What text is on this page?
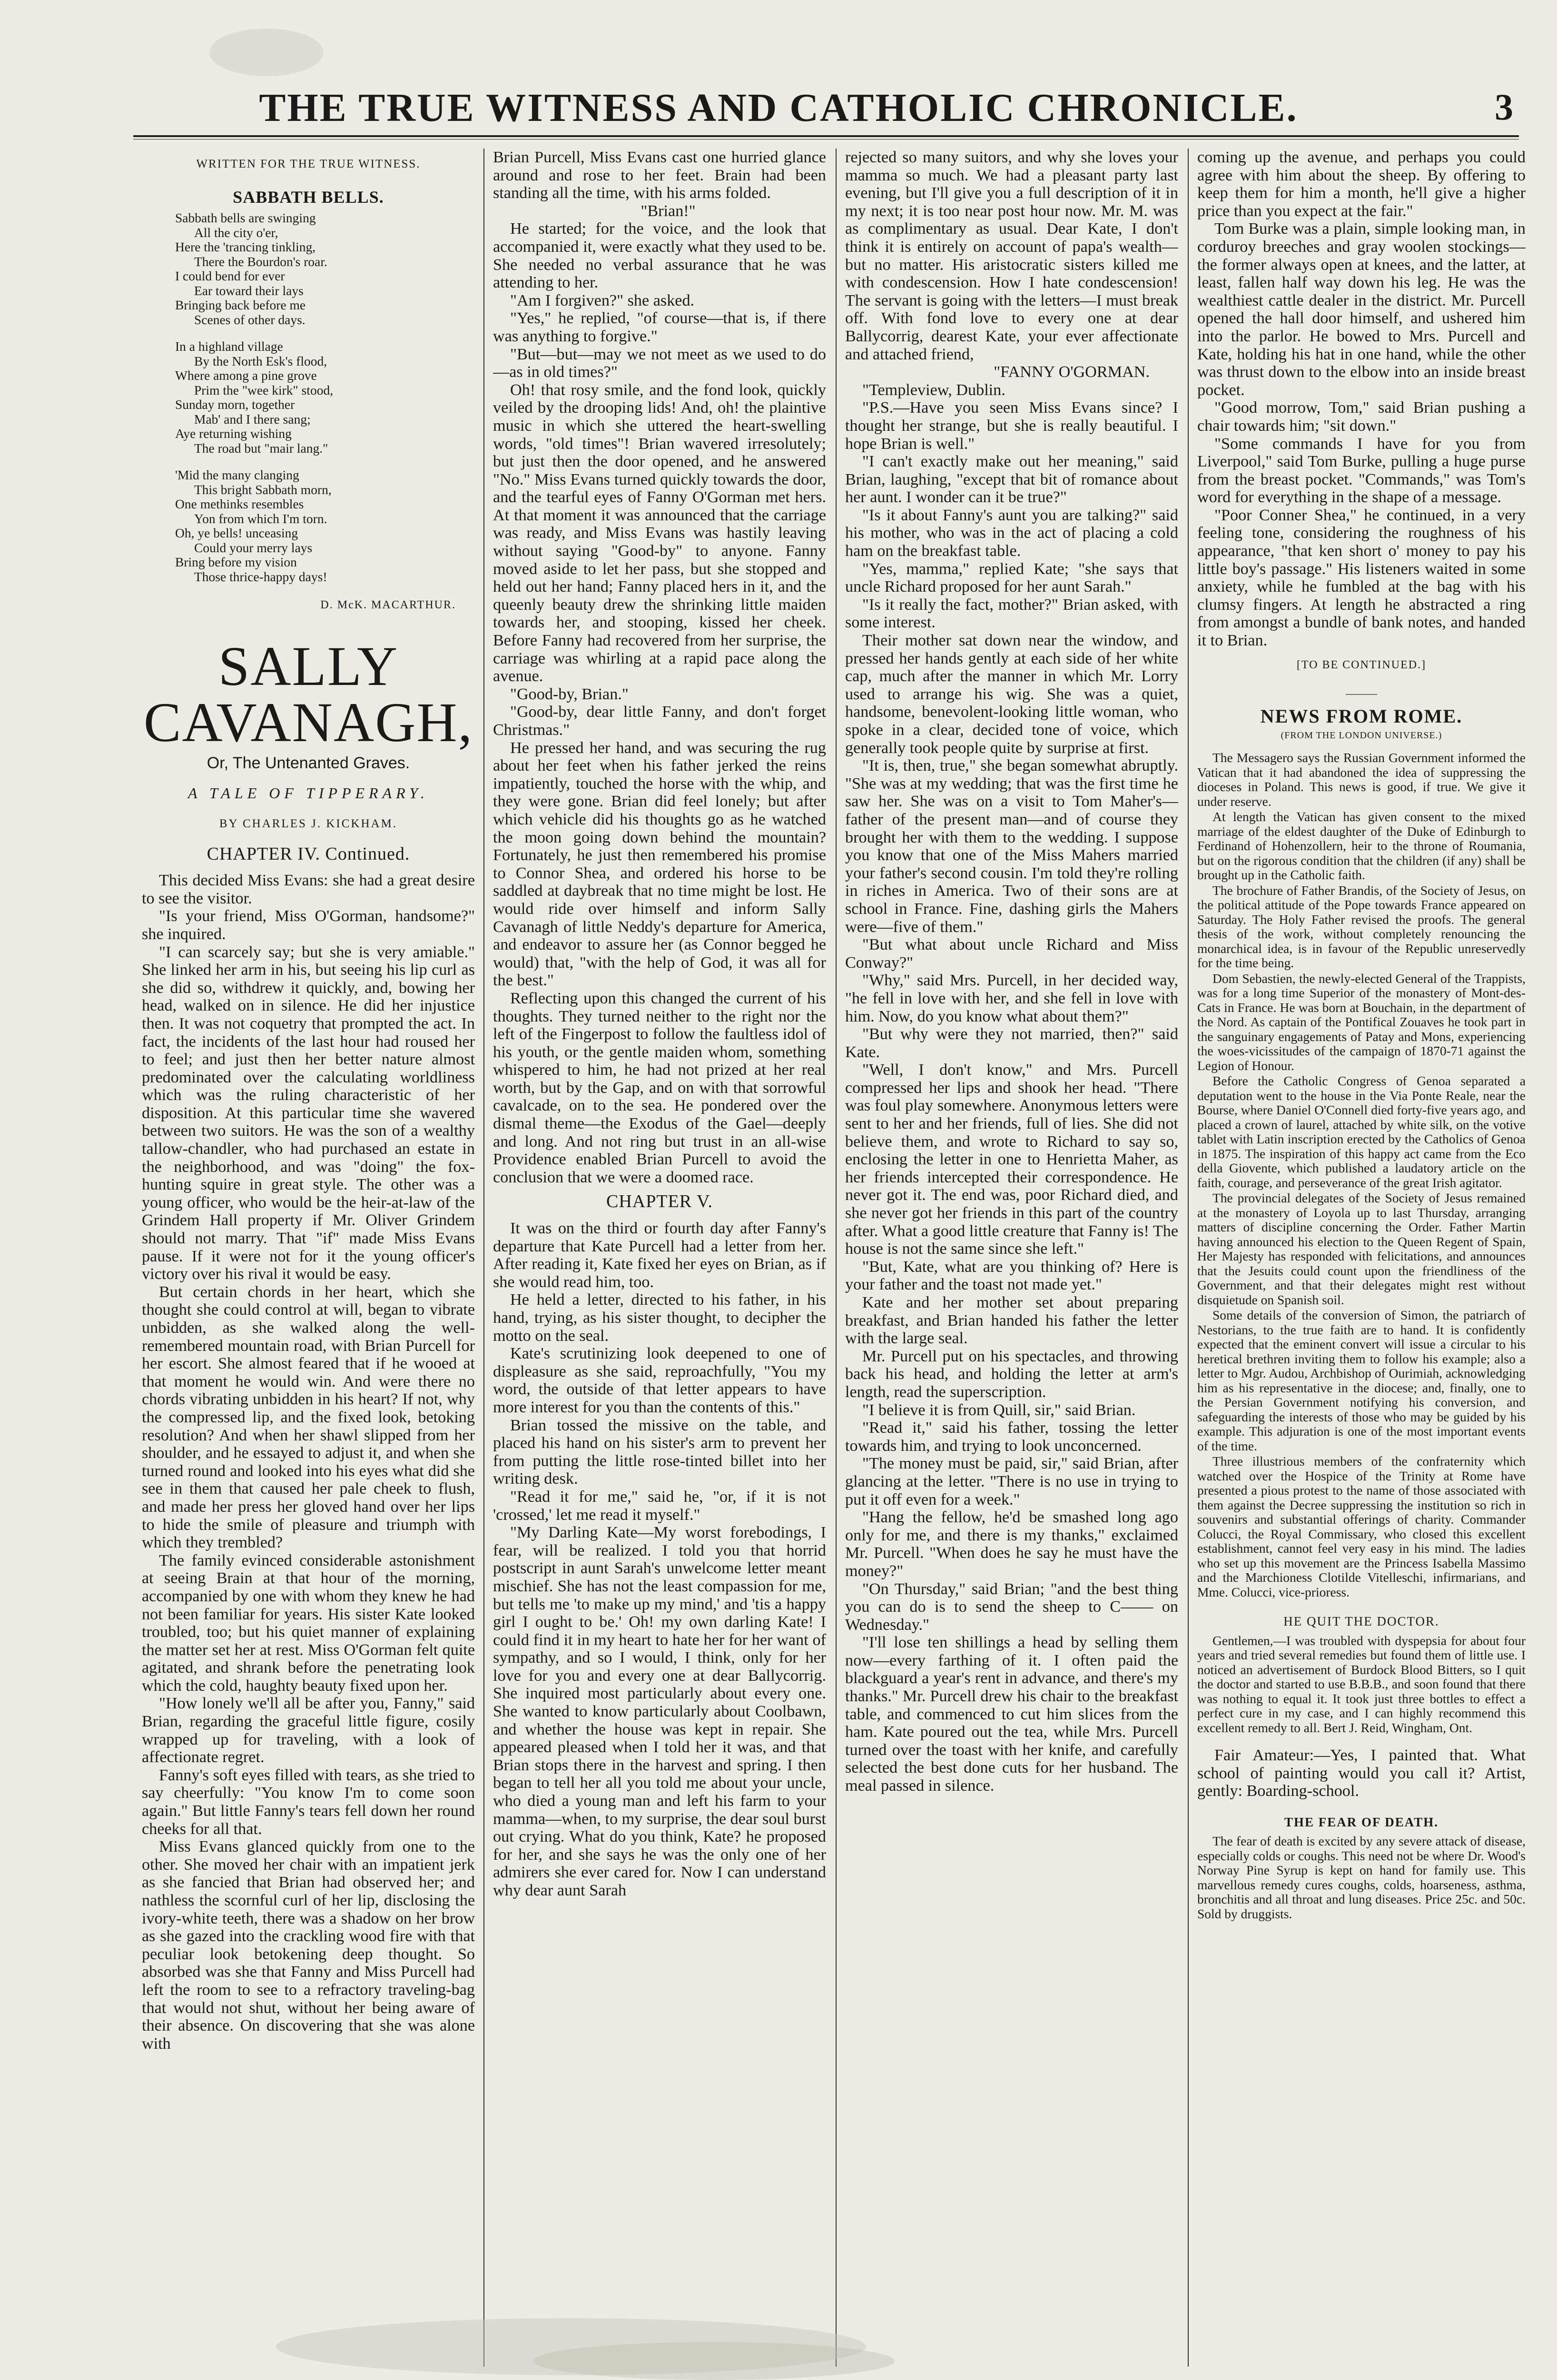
THE TRUE WITNESS AND CATHOLIC CHRONICLE.	3
WRITTEN FOR THE TRUE WITNESS.
SABBATH BELLS.
Sabbath bells are swinging
All the city o'er,
Here the 'trancing tinkling,
There the Bourdon's roar.
I could bend for ever
Ear toward their lays
Bringing back before me
Scenes of other days.
In a highland village
By the North Esk's flood,
Where among a pine grove
Prim the "wee kirk" stood,
Sunday morn, together
Mab' and I there sang;
Aye returning wishing
The road but "mair lang."
'Mid the many clanging
This bright Sabbath morn,
One methinks resembles
Yon from which I'm torn.
Oh, ye bells! unceasing
Could your merry lays
Bring before my vision
Those thrice-happy days!
D. McK. MACARTHUR.
SALLY CAVANAGH,
Or, The Untenanted Graves.
A TALE OF TIPPERARY.
BY CHARLES J. KICKHAM.
CHAPTER IV. Continued.

This decided Miss Evans: she had a great desire to see the visitor.

"Is your friend, Miss O'Gorman, handsome?" she inquired.

"I can scarcely say; but she is very amiable." She linked her arm in his, but seeing his lip curl as she did so, withdrew it quickly, and, bowing her head, walked on in silence. He did her injustice then. It was not coquetry that prompted the act. In fact, the incidents of the last hour had roused her to feel; and just then her better nature almost predominated over the calculating worldliness which was the ruling characteristic of her disposition. At this particular time she wavered between two suitors. He was the son of a wealthy tallow-chandler, who had purchased an estate in the neighborhood, and was "doing" the fox-hunting squire in great style. The other was a young officer, who would be the heir-at-law of the Grindem Hall property if Mr. Oliver Grindem should not marry. That "if" made Miss Evans pause. If it were not for it the young officer's victory over his rival it would be easy.

But certain chords in her heart, which she thought she could control at will, began to vibrate unbidden, as she walked along the well-remembered mountain road, with Brian Purcell for her escort. She almost feared that if he wooed at that moment he would win. And were there no chords vibrating unbidden in his heart? If not, why the compressed lip, and the fixed look, betoking resolution? And when her shawl slipped from her shoulder, and he essayed to adjust it, and when she turned round and looked into his eyes what did she see in them that caused her pale cheek to flush, and made her press her gloved hand over her lips to hide the smile of pleasure and triumph with which they trembled?

The family evinced considerable astonishment at seeing Brain at that hour of the morning, accompanied by one with whom they knew he had not been familiar for years. His sister Kate looked troubled, too; but his quiet manner of explaining the matter set her at rest. Miss O'Gorman felt quite agitated, and shrank before the penetrating look which the cold, haughty beauty fixed upon her.

"How lonely we'll all be after you, Fanny," said Brian, regarding the graceful little figure, cosily wrapped up for traveling, with a look of affectionate regret.

Fanny's soft eyes filled with tears, as she tried to say cheerfully: "You know I'm to come soon again." But little Fanny's tears fell down her round cheeks for all that.

Miss Evans glanced quickly from one to the other. She moved her chair with an impatient jerk as she fancied that Brian had observed her; and nathless the scornful curl of her lip, disclosing the ivory-white teeth, there was a shadow on her brow as she gazed into the crackling wood fire with that peculiar look betokening deep thought. So absorbed was she that Fanny and Miss Purcell had left the room to see to a refractory traveling-bag that would not shut, without her being aware of their absence. On discovering that she was alone with

Brian Purcell, Miss Evans cast one hurried glance around and rose to her feet. Brain had been standing all the time, with his arms folded.

"Brian!"

He started; for the voice, and the look that accompanied it, were exactly what they used to be. She needed no verbal assurance that he was attending to her.

"Am I forgiven?" she asked.

"Yes," he replied, "of course—that is, if there was anything to forgive."

"But—but—may we not meet as we used to do—as in old times?"

Oh! that rosy smile, and the fond look, quickly veiled by the drooping lids! And, oh! the plaintive music in which she uttered the heart-swelling words, "old times"! Brian wavered irresolutely; but just then the door opened, and he answered "No." Miss Evans turned quickly towards the door, and the tearful eyes of Fanny O'Gorman met hers. At that moment it was announced that the carriage was ready, and Miss Evans was hastily leaving without saying "Good-by" to anyone. Fanny moved aside to let her pass, but she stopped and held out her hand; Fanny placed hers in it, and the queenly beauty drew the shrinking little maiden towards her, and stooping, kissed her cheek. Before Fanny had recovered from her surprise, the carriage was whirling at a rapid pace along the avenue.

"Good-by, Brian."

"Good-by, dear little Fanny, and don't forget Christmas."

He pressed her hand, and was securing the rug about her feet when his father jerked the reins impatiently, touched the horse with the whip, and they were gone. Brian did feel lonely; but after which vehicle did his thoughts go as he watched the moon going down behind the mountain? Fortunately, he just then remembered his promise to Connor Shea, and ordered his horse to be saddled at daybreak that no time might be lost. He would ride over himself and inform Sally Cavanagh of little Neddy's departure for America, and endeavor to assure her (as Connor begged he would) that, "with the help of God, it was all for the best."

Reflecting upon this changed the current of his thoughts. They turned neither to the right nor the left of the Fingerpost to follow the faultless idol of his youth, or the gentle maiden whom, something whispered to him, he had not prized at her real worth, but by the Gap, and on with that sorrowful cavalcade, on to the sea. He pondered over the dismal theme—the Exodus of the Gael—deeply and long. And not ring but trust in an all-wise Providence enabled Brian Purcell to avoid the conclusion that we were a doomed race.

CHAPTER V.

It was on the third or fourth day after Fanny's departure that Kate Purcell had a letter from her. After reading it, Kate fixed her eyes on Brian, as if she would read him, too.

He held a letter, directed to his father, in his hand, trying, as his sister thought, to decipher the motto on the seal.

Kate's scrutinizing look deepened to one of displeasure as she said, reproachfully, "You my word, the outside of that letter appears to have more interest for you than the contents of this."

Brian tossed the missive on the table, and placed his hand on his sister's arm to prevent her from putting the little rose-tinted billet into her writing desk.

"Read it for me," said he, "or, if it is not 'crossed,' let me read it myself."

"My Darling Kate—My worst forebodings, I fear, will be realized. I told you that horrid postscript in aunt Sarah's unwelcome letter meant mischief. She has not the least compassion for me, but tells me 'to make up my mind,' and 'tis a happy girl I ought to be.' Oh! my own darling Kate! I could find it in my heart to hate her for her want of sympathy, and so I would, I think, only for her love for you and every one at dear Ballycorrig. She inquired most particularly about every one. She wanted to know particularly about Coolbawn, and whether the house was kept in repair. She appeared pleased when I told her it was, and that Brian stops there in the harvest and spring. I then began to tell her all you told me about your uncle, who died a young man and left his farm to your mamma—when, to my surprise, the dear soul burst out crying. What do you think, Kate? he proposed for her, and she says he was the only one of her admirers she ever cared for. Now I can understand why dear aunt Sarah

rejected so many suitors, and why she loves your mamma so much. We had a pleasant party last evening, but I'll give you a full description of it in my next; it is too near post hour now. Mr. M. was as complimentary as usual. Dear Kate, I don't think it is entirely on account of papa's wealth—but no matter. His aristocratic sisters killed me with condescension. How I hate condescension! The servant is going with the letters—I must break off. With fond love to every one at dear Ballycorrig, dearest Kate, your ever affectionate and attached friend,

"FANNY O'GORMAN.

"Templeview, Dublin.

"P.S.—Have you seen Miss Evans since? I thought her strange, but she is really beautiful. I hope Brian is well."

"I can't exactly make out her meaning," said Brian, laughing, "except that bit of romance about her aunt. I wonder can it be true?"

"Is it about Fanny's aunt you are talking?" said his mother, who was in the act of placing a cold ham on the breakfast table.

"Yes, mamma," replied Kate; "she says that uncle Richard proposed for her aunt Sarah."

"Is it really the fact, mother?" Brian asked, with some interest.

Their mother sat down near the window, and pressed her hands gently at each side of her white cap, much after the manner in which Mr. Lorry used to arrange his wig. She was a quiet, handsome, benevolent-looking little woman, who spoke in a clear, decided tone of voice, which generally took people quite by surprise at first.

"It is, then, true," she began somewhat abruptly. "She was at my wedding; that was the first time he saw her. She was on a visit to Tom Maher's—father of the present man—and of course they brought her with them to the wedding. I suppose you know that one of the Miss Mahers married your father's second cousin. I'm told they're rolling in riches in America. Two of their sons are at school in France. Fine, dashing girls the Mahers were—five of them."

"But what about uncle Richard and Miss Conway?"

"Why," said Mrs. Purcell, in her decided way, "he fell in love with her, and she fell in love with him. Now, do you know what about them?"

"But why were they not married, then?" said Kate.

"Well, I don't know," and Mrs. Purcell compressed her lips and shook her head. "There was foul play somewhere. Anonymous letters were sent to her and her friends, full of lies. She did not believe them, and wrote to Richard to say so, enclosing the letter in one to Henrietta Maher, as her friends intercepted their correspondence. He never got it. The end was, poor Richard died, and she never got her friends in this part of the country after. What a good little creature that Fanny is! The house is not the same since she left."

"But, Kate, what are you thinking of? Here is your father and the toast not made yet."

Kate and her mother set about preparing breakfast, and Brian handed his father the letter with the large seal.

Mr. Purcell put on his spectacles, and throwing back his head, and holding the letter at arm's length, read the superscription.

"I believe it is from Quill, sir," said Brian.

"Read it," said his father, tossing the letter towards him, and trying to look unconcerned.

"The money must be paid, sir," said Brian, after glancing at the letter. "There is no use in trying to put it off even for a week."

"Hang the fellow, he'd be smashed long ago only for me, and there is my thanks," exclaimed Mr. Purcell. "When does he say he must have the money?"

"On Thursday," said Brian; "and the best thing you can do is to send the sheep to C—— on Wednesday."

"I'll lose ten shillings a head by selling them now—every farthing of it. I often paid the blackguard a year's rent in advance, and there's my thanks." Mr. Purcell drew his chair to the breakfast table, and commenced to cut him slices from the ham. Kate poured out the tea, while Mrs. Purcell turned over the toast with her knife, and carefully selected the best done cuts for her husband. The meal passed in silence.

coming up the avenue, and perhaps you could agree with him about the sheep. By offering to keep them for him a month, he'll give a higher price than you expect at the fair."

Tom Burke was a plain, simple looking man, in corduroy breeches and gray woolen stockings—the former always open at knees, and the latter, at least, fallen half way down his leg. He was the wealthiest cattle dealer in the district. Mr. Purcell opened the hall door himself, and ushered him into the parlor. He bowed to Mrs. Purcell and Kate, holding his hat in one hand, while the other was thrust down to the elbow into an inside breast pocket.

"Good morrow, Tom," said Brian pushing a chair towards him; "sit down."

"Some commands I have for you from Liverpool," said Tom Burke, pulling a huge purse from the breast pocket. "Commands," was Tom's word for everything in the shape of a message.

"Poor Conner Shea," he continued, in a very feeling tone, considering the roughness of his appearance, "that ken short o' money to pay his little boy's passage." His listeners waited in some anxiety, while he fumbled at the bag with his clumsy fingers. At length he abstracted a ring from amongst a bundle of bank notes, and handed it to Brian.

[TO BE CONTINUED.]
———
NEWS FROM ROME.
(FROM THE LONDON UNIVERSE.)

The Messagero says the Russian Government informed the Vatican that it had abandoned the idea of suppressing the dioceses in Poland. This news is good, if true. We give it under reserve.

At length the Vatican has given consent to the mixed marriage of the eldest daughter of the Duke of Edinburgh to Ferdinand of Hohenzollern, heir to the throne of Roumania, but on the rigorous condition that the children (if any) shall be brought up in the Catholic faith.

The brochure of Father Brandis, of the Society of Jesus, on the political attitude of the Pope towards France appeared on Saturday. The Holy Father revised the proofs. The general thesis of the work, without completely renouncing the monarchical idea, is in favour of the Republic unreservedly for the time being.

Dom Sebastien, the newly-elected General of the Trappists, was for a long time Superior of the monastery of Mont-des-Cats in France. He was born at Bouchain, in the department of the Nord. As captain of the Pontifical Zouaves he took part in the sanguinary engagements of Patay and Mons, experiencing the woes-vicissitudes of the campaign of 1870-71 against the Legion of Honour.

Before the Catholic Congress of Genoa separated a deputation went to the house in the Via Ponte Reale, near the Bourse, where Daniel O'Connell died forty-five years ago, and placed a crown of laurel, attached by white silk, on the votive tablet with Latin inscription erected by the Catholics of Genoa in 1875. The inspiration of this happy act came from the Eco della Giovente, which published a laudatory article on the faith, courage, and perseverance of the great Irish agitator.

The provincial delegates of the Society of Jesus remained at the monastery of Loyola up to last Thursday, arranging matters of discipline concerning the Order. Father Martin having announced his election to the Queen Regent of Spain, Her Majesty has responded with felicitations, and announces that the Jesuits could count upon the friendliness of the Government, and that their delegates might rest without disquietude on Spanish soil.

Some details of the conversion of Simon, the patriarch of Nestorians, to the true faith are to hand. It is confidently expected that the eminent convert will issue a circular to his heretical brethren inviting them to follow his example; also a letter to Mgr. Audou, Archbishop of Ourimiah, acknowledging him as his representative in the diocese; and, finally, one to the Persian Government notifying his conversion, and safeguarding the interests of those who may be guided by his example. This adjuration is one of the most important events of the time.

Three illustrious members of the confraternity which watched over the Hospice of the Trinity at Rome have presented a pious protest to the name of those associated with them against the Decree suppressing the institution so rich in souvenirs and substantial offerings of charity. Commander Colucci, the Royal Commissary, who closed this excellent establishment, cannot feel very easy in his mind. The ladies who set up this movement are the Princess Isabella Massimo and the Marchioness Clotilde Vitelleschi, infirmarians, and Mme. Colucci, vice-prioress.

HE QUIT THE DOCTOR.

Gentlemen,—I was troubled with dyspepsia for about four years and tried several remedies but found them of little use. I noticed an advertisement of Burdock Blood Bitters, so I quit the doctor and started to use B.B.B., and soon found that there was nothing to equal it. It took just three bottles to effect a perfect cure in my case, and I can highly recommend this excellent remedy to all. Bert J. Reid, Wingham, Ont.

Fair Amateur:—Yes, I painted that. What school of painting would you call it? Artist, gently: Boarding-school.

THE FEAR OF DEATH.

The fear of death is excited by any severe attack of disease, especially colds or coughs. This need not be where Dr. Wood's Norway Pine Syrup is kept on hand for family use. This marvellous remedy cures coughs, colds, hoarseness, asthma, bronchitis and all throat and lung diseases. Price 25c. and 50c. Sold by druggists.
